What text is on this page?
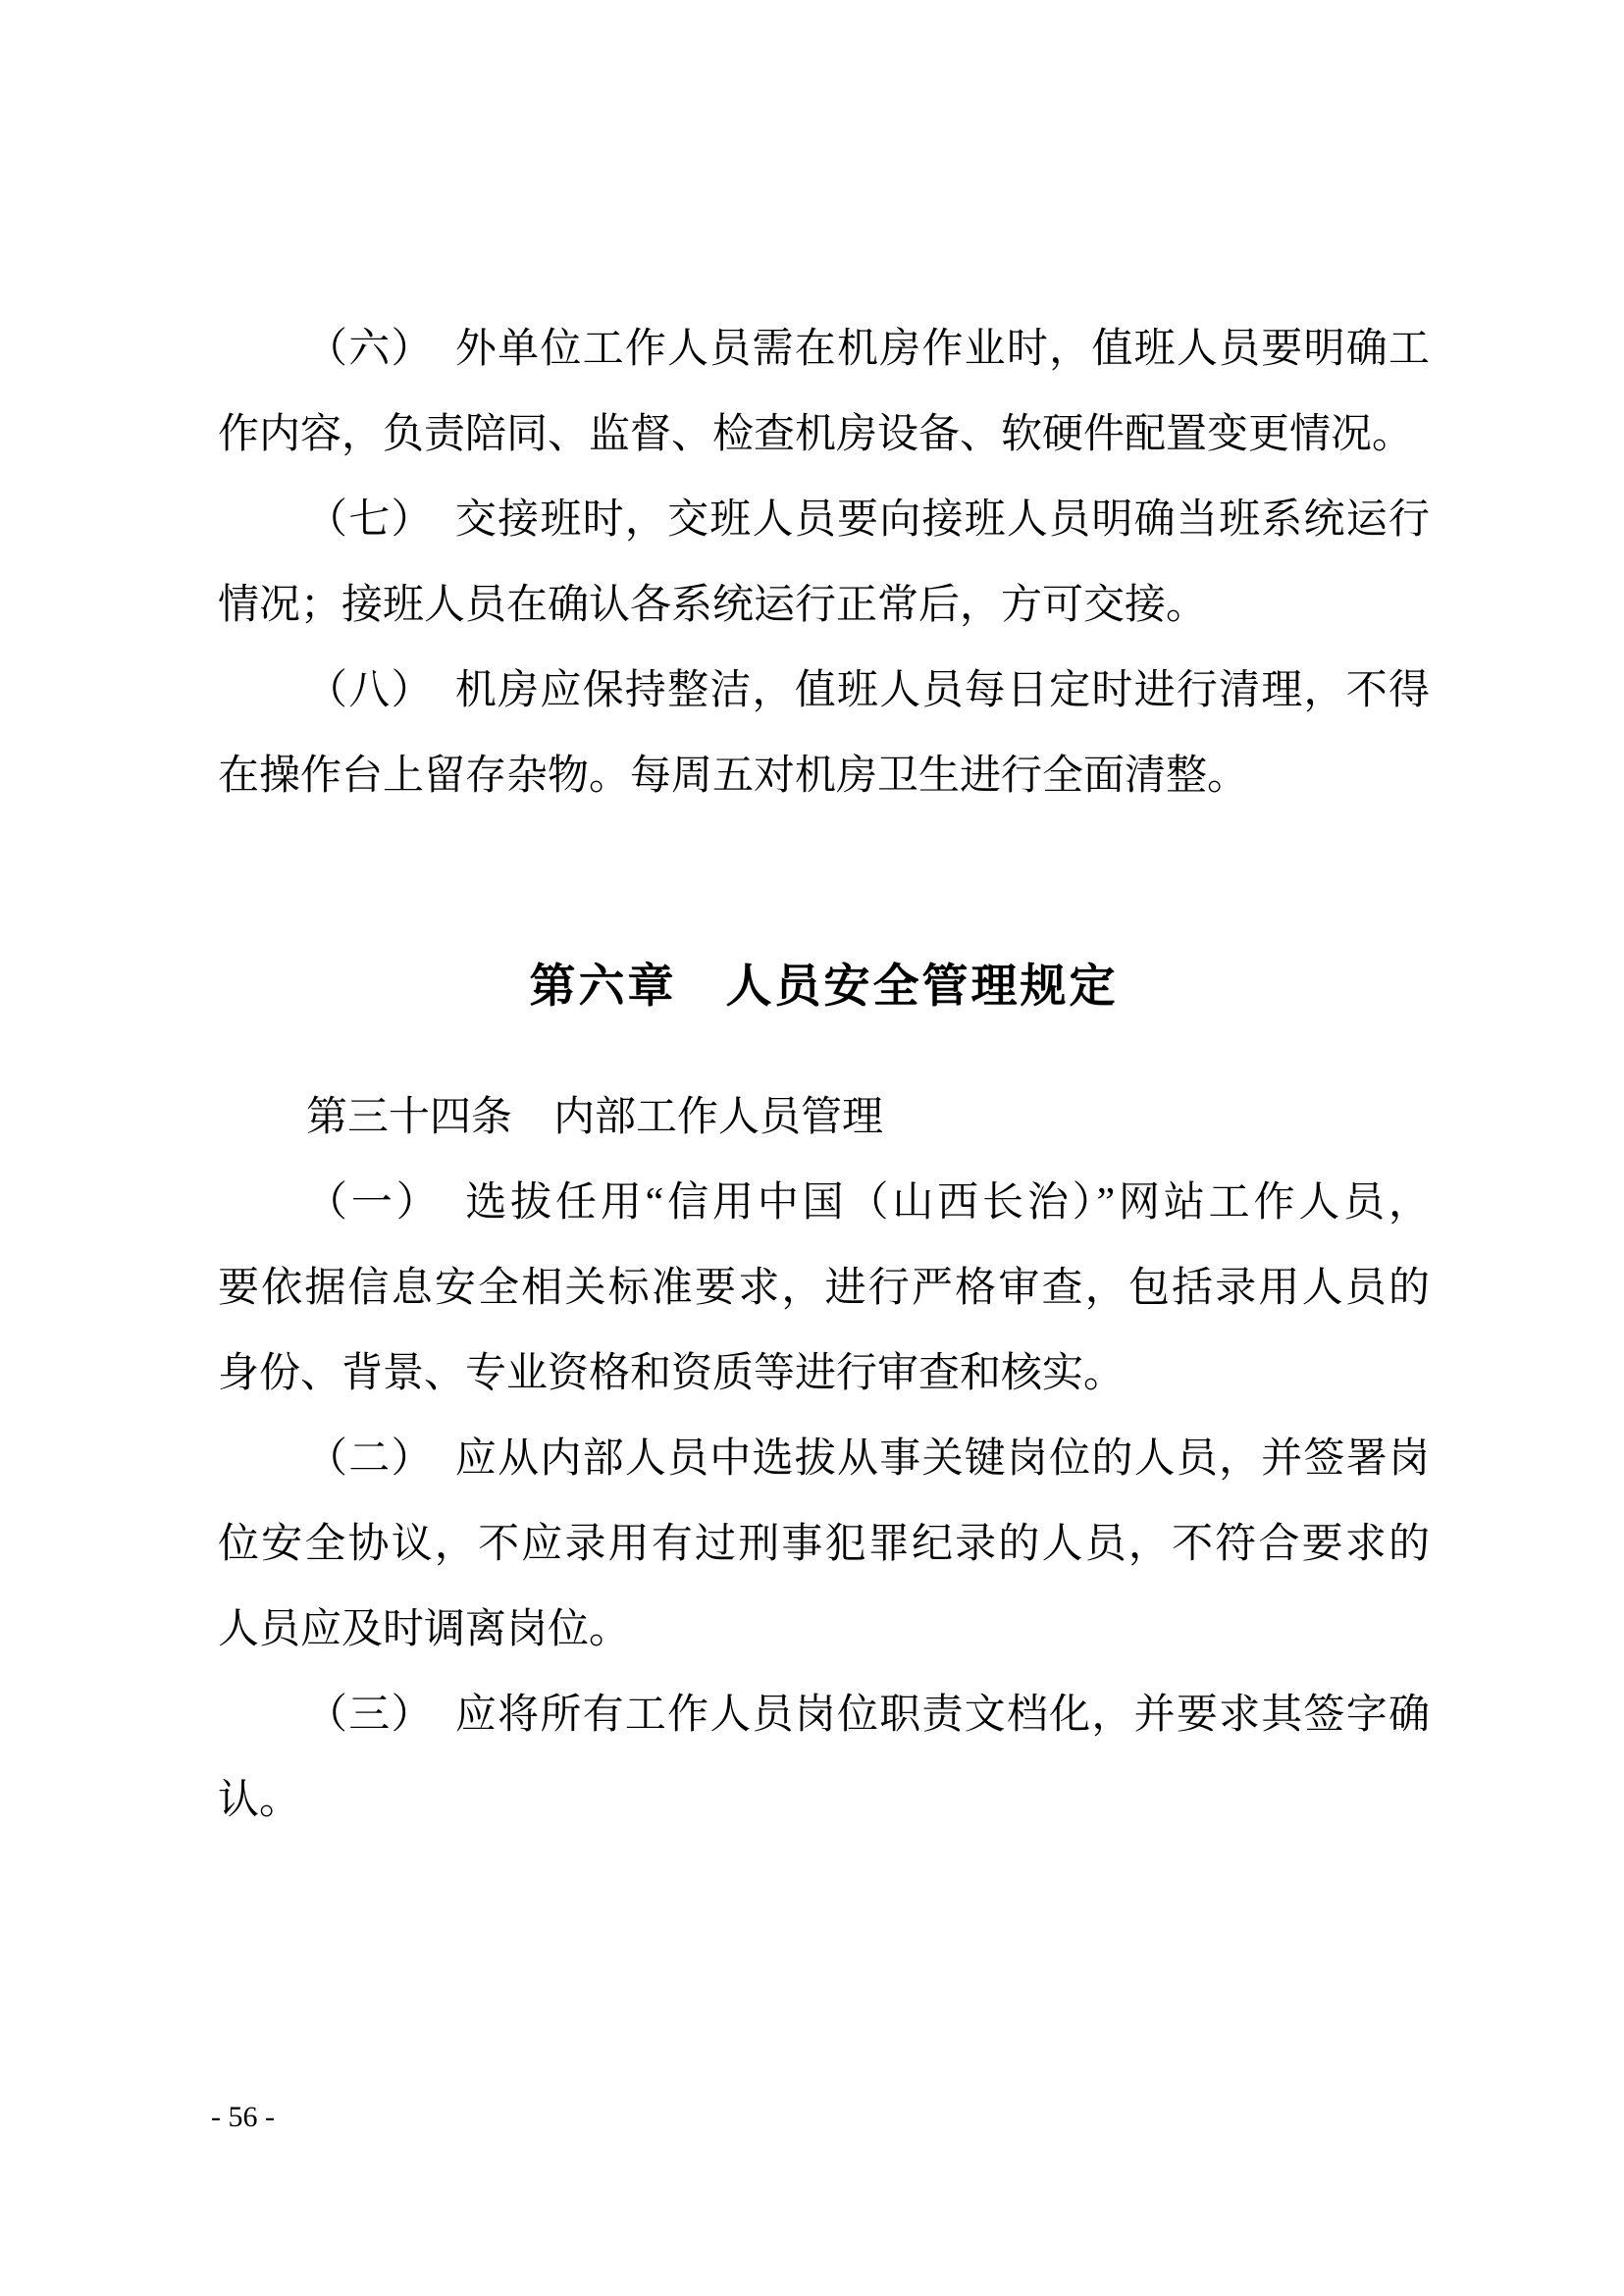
（六）　外单位工作人员需在机房作业时，值班人员要明确工
作内容，负责陪同、监督、检查机房设备、软硬件配置变更情况。
（七）　交接班时，交班人员要向接班人员明确当班系统运行
情况；接班人员在确认各系统运行正常后，方可交接。
（八）　机房应保持整洁，值班人员每日定时进行清理，不得
在操作台上留存杂物。每周五对机房卫生进行全面清整。
第六章　人员安全管理规定
第三十四条　内部工作人员管理
（一）　选拔任用“信用中国（山西长治）”网站工作人员，
要依据信息安全相关标准要求，进行严格审查，包括录用人员的
身份、背景、专业资格和资质等进行审查和核实。
（二）　应从内部人员中选拔从事关键岗位的人员，并签署岗
位安全协议，不应录用有过刑事犯罪纪录的人员，不符合要求的
人员应及时调离岗位。
（三）　应将所有工作人员岗位职责文档化，并要求其签字确
认。
- 56 -
